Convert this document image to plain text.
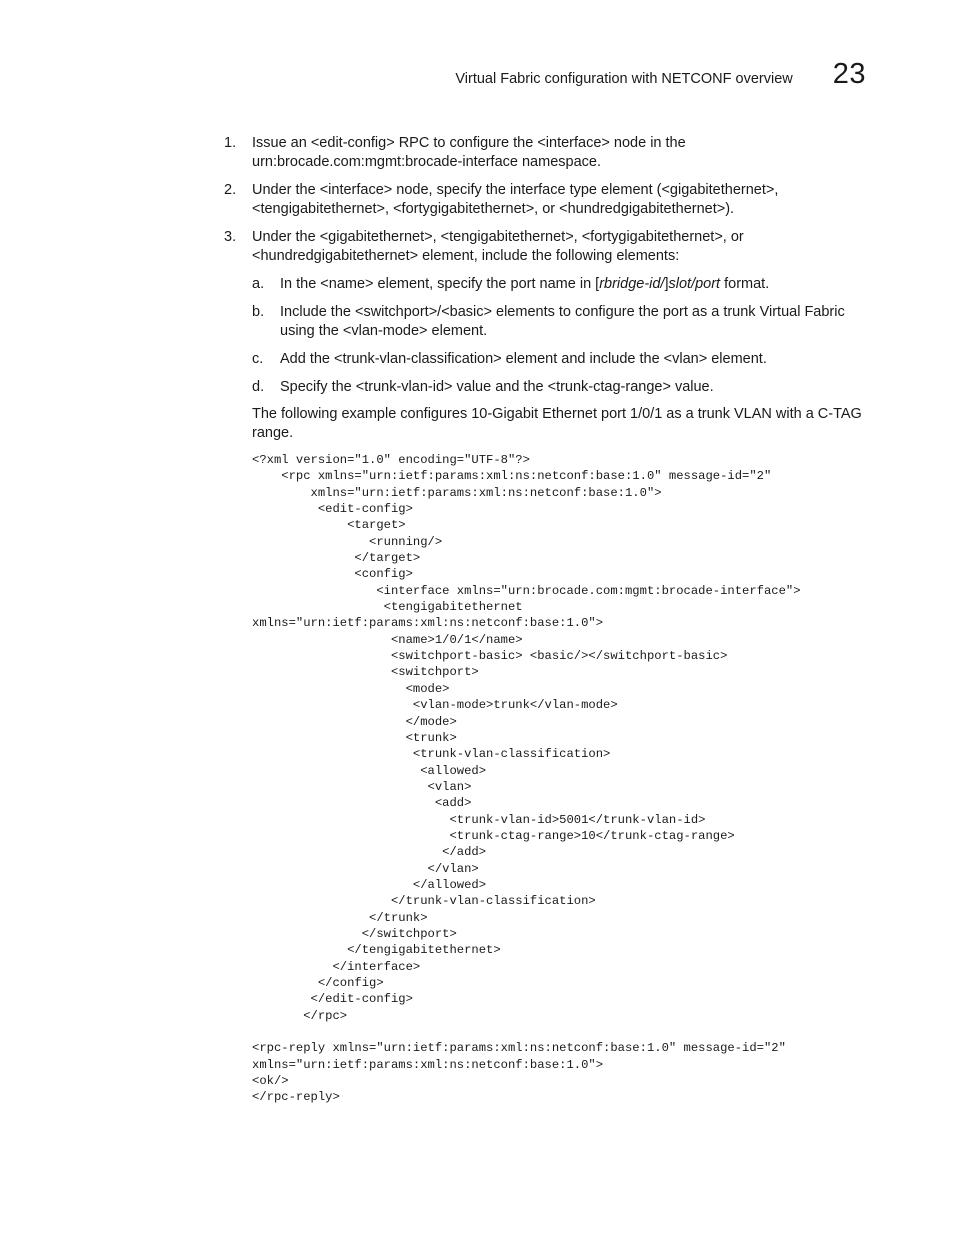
Virtual Fabric configuration with NETCONF overview 23
1. Issue an <edit-config> RPC to configure the <interface> node in the urn:brocade.com:mgmt:brocade-interface namespace.
2. Under the <interface> node, specify the interface type element (<gigabitethernet>, <tengigabitethernet>, <fortygigabitethernet>, or <hundredgigabitethernet>).
3. Under the <gigabitethernet>, <tengigabitethernet>, <fortygigabitethernet>, or <hundredgigabitethernet> element, include the following elements:
a. In the <name> element, specify the port name in [rbridge-id/]slot/port format.
b. Include the <switchport>/<basic> elements to configure the port as a trunk Virtual Fabric using the <vlan-mode> element.
c. Add the <trunk-vlan-classification> element and include the <vlan> element.
d. Specify the <trunk-vlan-id> value and the <trunk-ctag-range> value.
The following example configures 10-Gigabit Ethernet port 1/0/1 as a trunk VLAN with a C-TAG range.
<?xml version="1.0" encoding="UTF-8"?>
<rpc xmlns="urn:ietf:params:xml:ns:netconf:base:1.0" message-id="2"
xmlns="urn:ietf:params:xml:ns:netconf:base:1.0">
<edit-config>
<target>
<running/>
</target>
<config>
<interface xmlns="urn:brocade.com:mgmt:brocade-interface">
<tengigabitethernet
xmlns="urn:ietf:params:xml:ns:netconf:base:1.0">
<name>1/0/1</name>
<switchport-basic> <basic/></switchport-basic>
<switchport>
<mode>
<vlan-mode>trunk</vlan-mode>
</mode>
<trunk>
<trunk-vlan-classification>
<allowed>
<vlan>
<add>
<trunk-vlan-id>5001</trunk-vlan-id>
<trunk-ctag-range>10</trunk-ctag-range>
</add>
</vlan>
</allowed>
</trunk-vlan-classification>
</trunk>
</switchport>
</tengigabitethernet>
</interface>
</config>
</edit-config>
</rpc>
<rpc-reply xmlns="urn:ietf:params:xml:ns:netconf:base:1.0" message-id="2"
xmlns="urn:ietf:params:xml:ns:netconf:base:1.0">
<ok/>
</rpc-reply>
